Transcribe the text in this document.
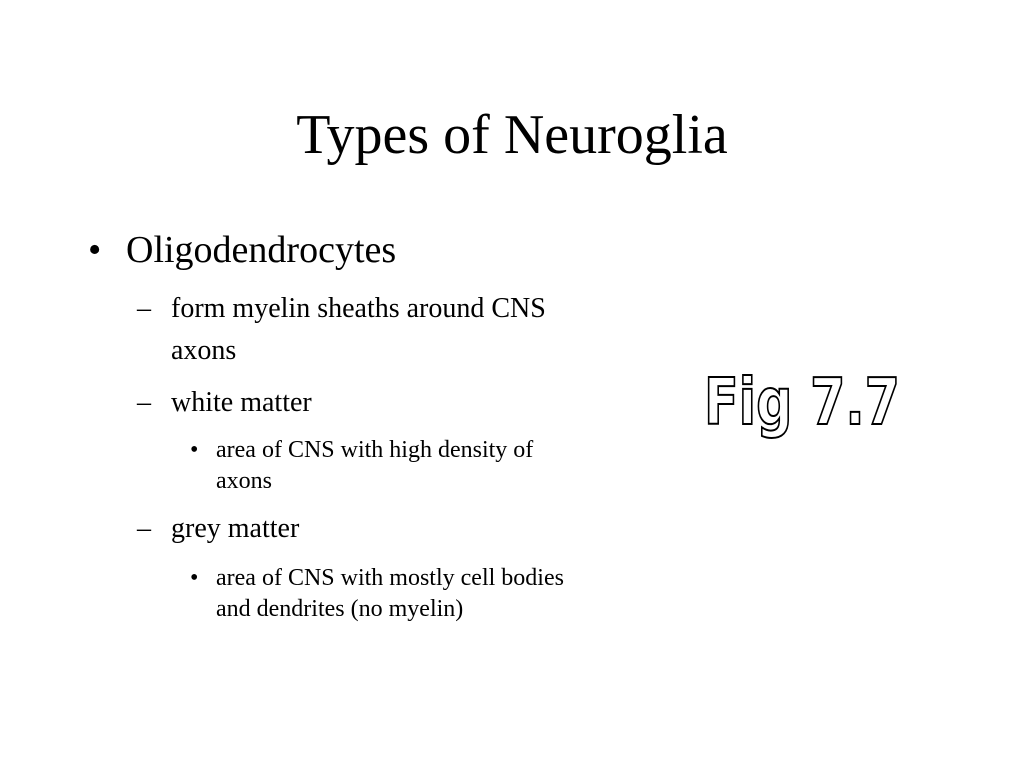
Types of Neuroglia
• Oligodendrocytes
– form myelin sheaths around CNS axons
– white matter
• area of CNS with high density of axons
– grey matter
• area of CNS with mostly cell bodies and dendrites (no myelin)
Fig 7.7
